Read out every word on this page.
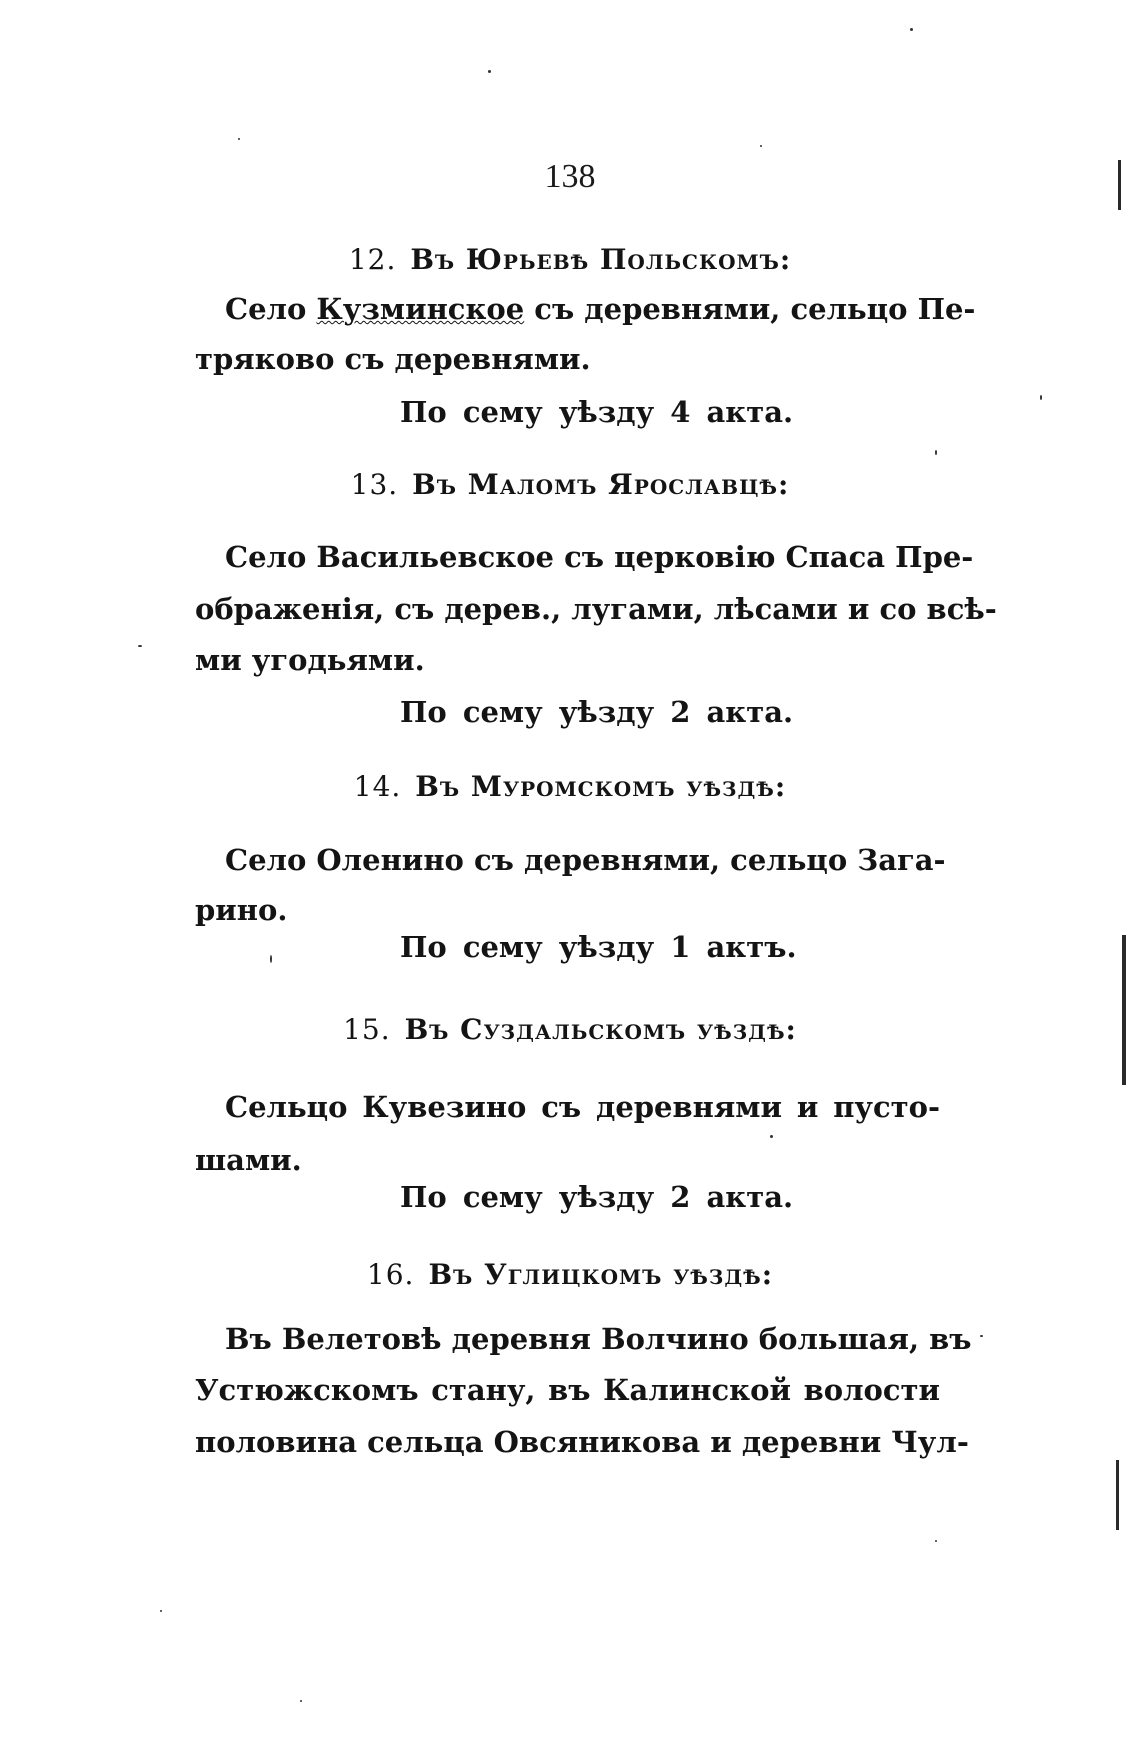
138
12. Въ Юрьевѣ Польскомъ:
Село Кузминское съ деревнями, сельцо Пе-
тряково съ деревнями.
По сему уѣзду 4 акта.
13. Въ Маломъ Ярославцѣ:
Село Васильевское съ церковію Спаса Пре-
ображенія, съ дерев., лугами, лѣсами и со всѣ-
ми угодьями.
По сему уѣзду 2 акта.
14. Въ Муромскомъ уѣздѣ:
Село Оленино съ деревнями, сельцо Зага-
рино.
По сему уѣзду 1 актъ.
15. Въ Суздальскомъ уѣздѣ:
Сельцо Кувезино съ деревнями и пусто-
шами.
По сему уѣзду 2 акта.
16. Въ Углицкомъ уѣздѣ:
Въ Велетовѣ деревня Волчино большая, въ
Устюжскомъ стану, въ Калинской волости
половина сельца Овсяникова и деревни Чул-
